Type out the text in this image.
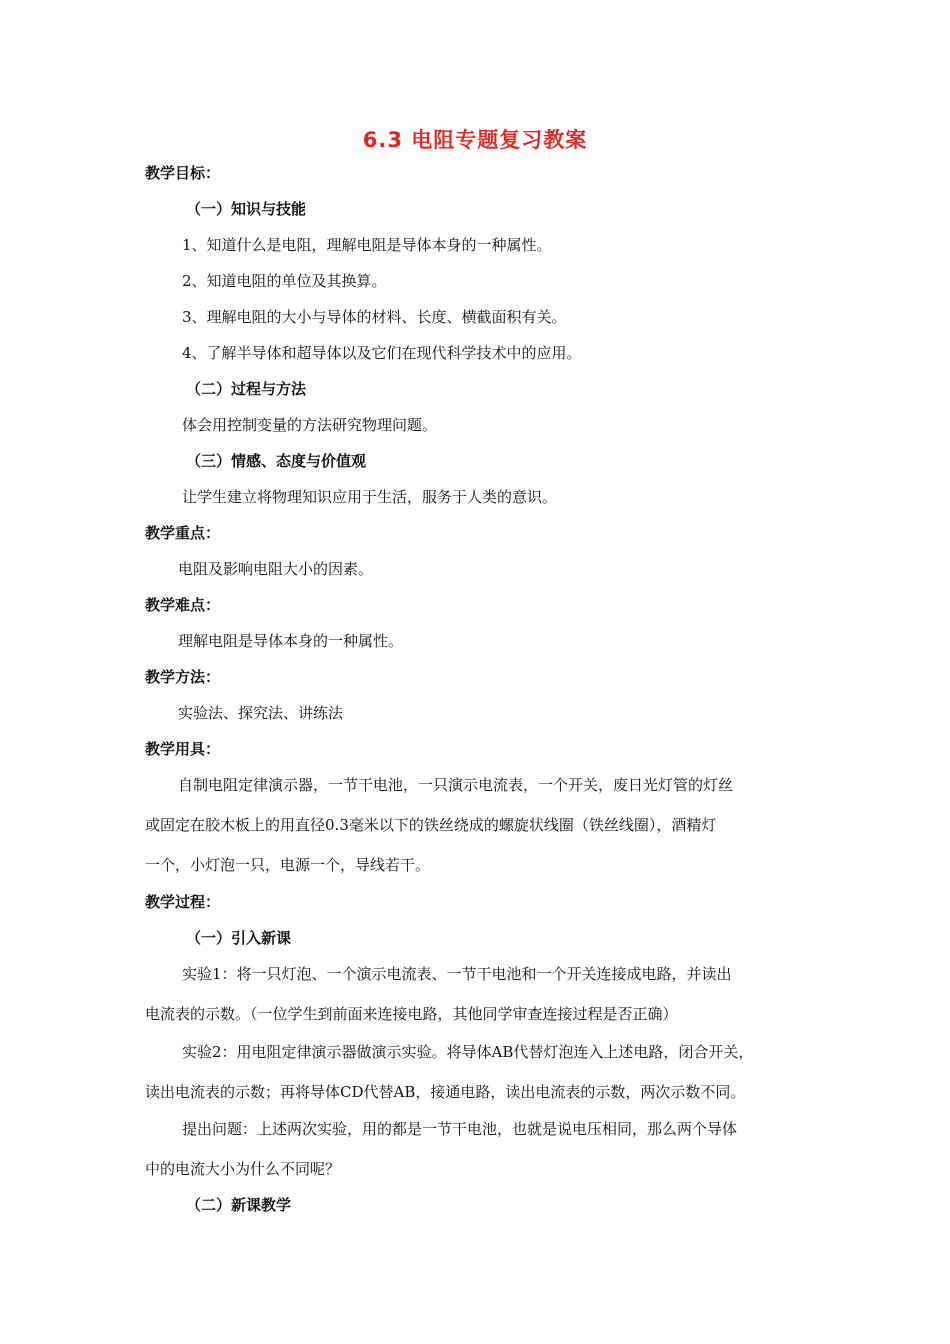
6.3 电阻专题复习教案
教学目标：
（一）知识与技能
1、知道什么是电阻，理解电阻是导体本身的一种属性。
2、知道电阻的单位及其换算。
3、理解电阻的大小与导体的材料、长度、横截面积有关。
4、了解半导体和超导体以及它们在现代科学技术中的应用。
（二）过程与方法
体会用控制变量的方法研究物理问题。
（三）情感、态度与价值观
让学生建立将物理知识应用于生活，服务于人类的意识。
教学重点：
电阻及影响电阻大小的因素。
教学难点：
理解电阻是导体本身的一种属性。
教学方法：
实验法、探究法、讲练法
教学用具：
自制电阻定律演示器，一节干电池，一只演示电流表，一个开关，废日光灯管的灯丝
或固定在胶木板上的用直径0.3毫米以下的铁丝绕成的螺旋状线圈（铁丝线圈），酒精灯
一个，小灯泡一只，电源一个，导线若干。
教学过程：
（一）引入新课
实验1：将一只灯泡、一个演示电流表、一节干电池和一个开关连接成电路，并读出
电流表的示数。（一位学生到前面来连接电路，其他同学审查连接过程是否正确）
实验2：用电阻定律演示器做演示实验。将导体AB代替灯泡连入上述电路，闭合开关，
读出电流表的示数；再将导体CD代替AB，接通电路，读出电流表的示数，两次示数不同。
提出问题：上述两次实验，用的都是一节干电池，也就是说电压相同，那么两个导体
中的电流大小为什么不同呢？
（二）新课教学
